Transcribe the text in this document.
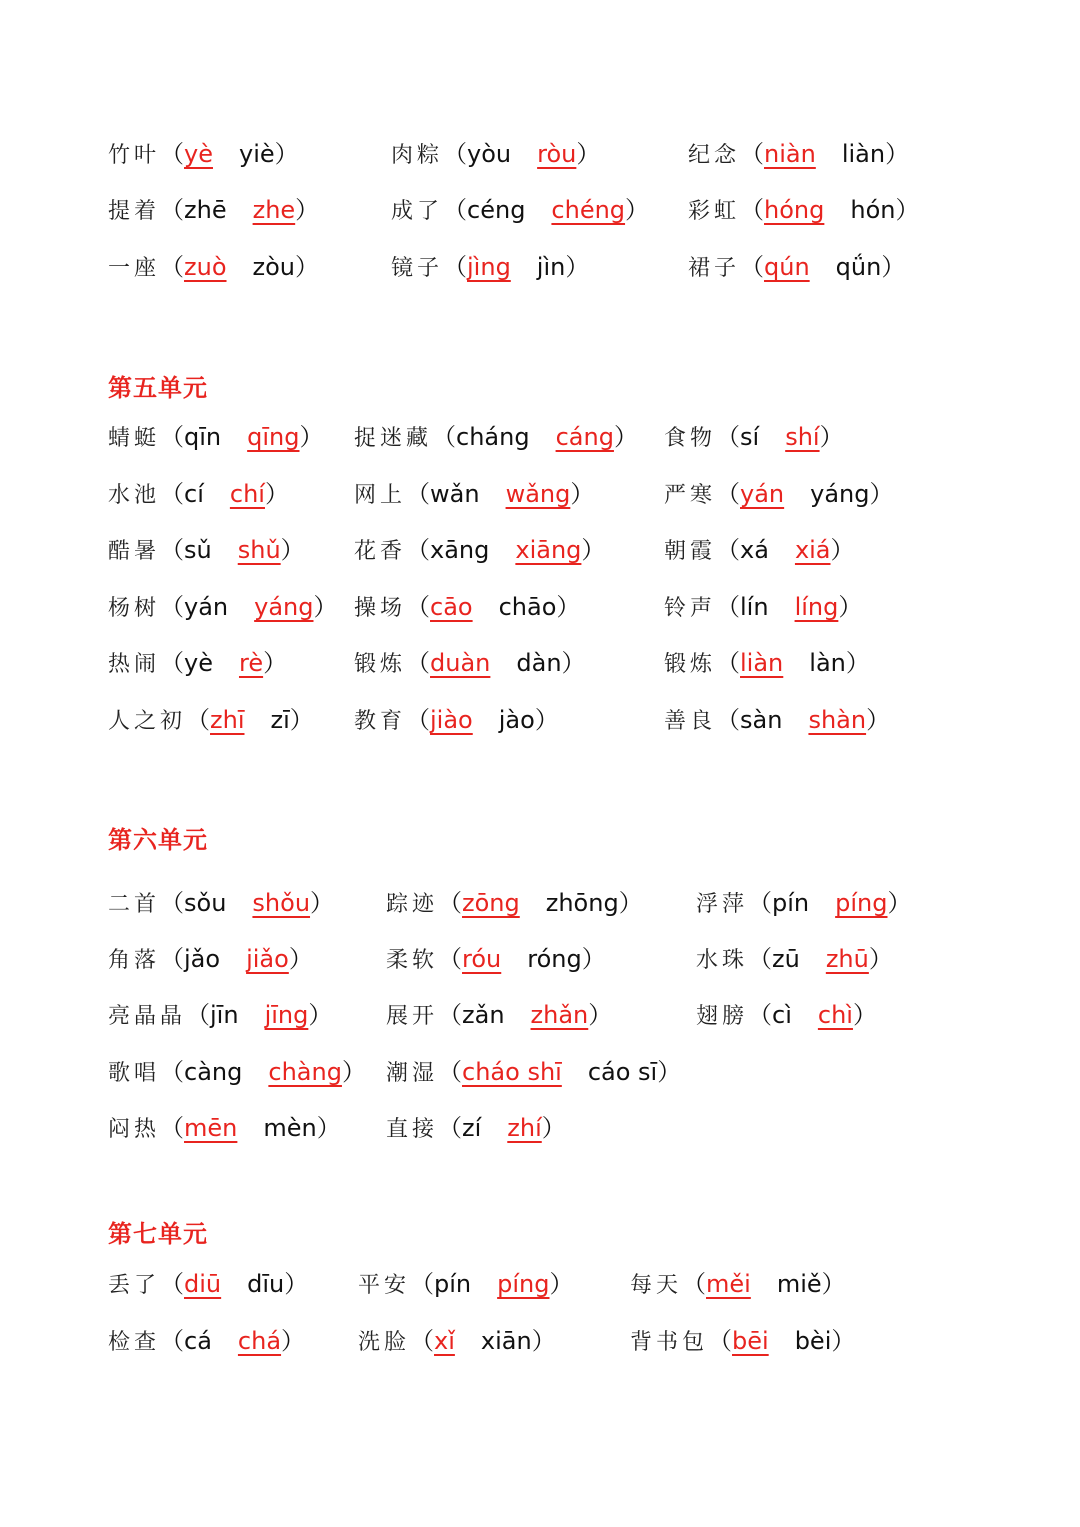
竹叶（yè yiè）	肉粽（yòu ròu）	纪念（niàn liàn）
提着（zhē zhe）	成了（céng chéng） 彩虹（hóng hón）
一座（zuò zòu）	镜子（jìng jìn）	裙子（qún qǘn）
第五单元
蜻蜓（qīn qīng） 捉迷藏（cháng cáng） 食物（sí shí）
水池（cí chí）	网上（wǎn wǎng）	严寒（yán yáng）
酷暑（sǔ shǔ） 花香（xāng xiāng）	朝霞（xá xiá）
杨树（yán yáng） 操场（cāo chāo）	铃声（lín líng）
热闹（yè rè）	锻炼（duàn dàn）	锻炼（liàn làn）
人之初（zhī zī） 教育（jiào jào）	善良（sàn shàn）
第六单元
二首（sǒu shǒu） 踪迹（zōng zhōng） 浮萍（pín píng）
角落（jǎo jiǎo）	柔软（róu róng）	水珠（zū zhū）
亮晶晶（jīn jīng） 展开（zǎn zhǎn）	翅膀（cì chì）
歌唱（càng chàng） 潮湿（cháo shī cáo sī）
闷热（mēn mèn） 直接（zí zhí）
第七单元
丢了（diū dīu） 平安（pín píng）	每天（měi miě）
检查（cá chá） 洗脸（xǐ xiān）	背书包（bēi bèi）
